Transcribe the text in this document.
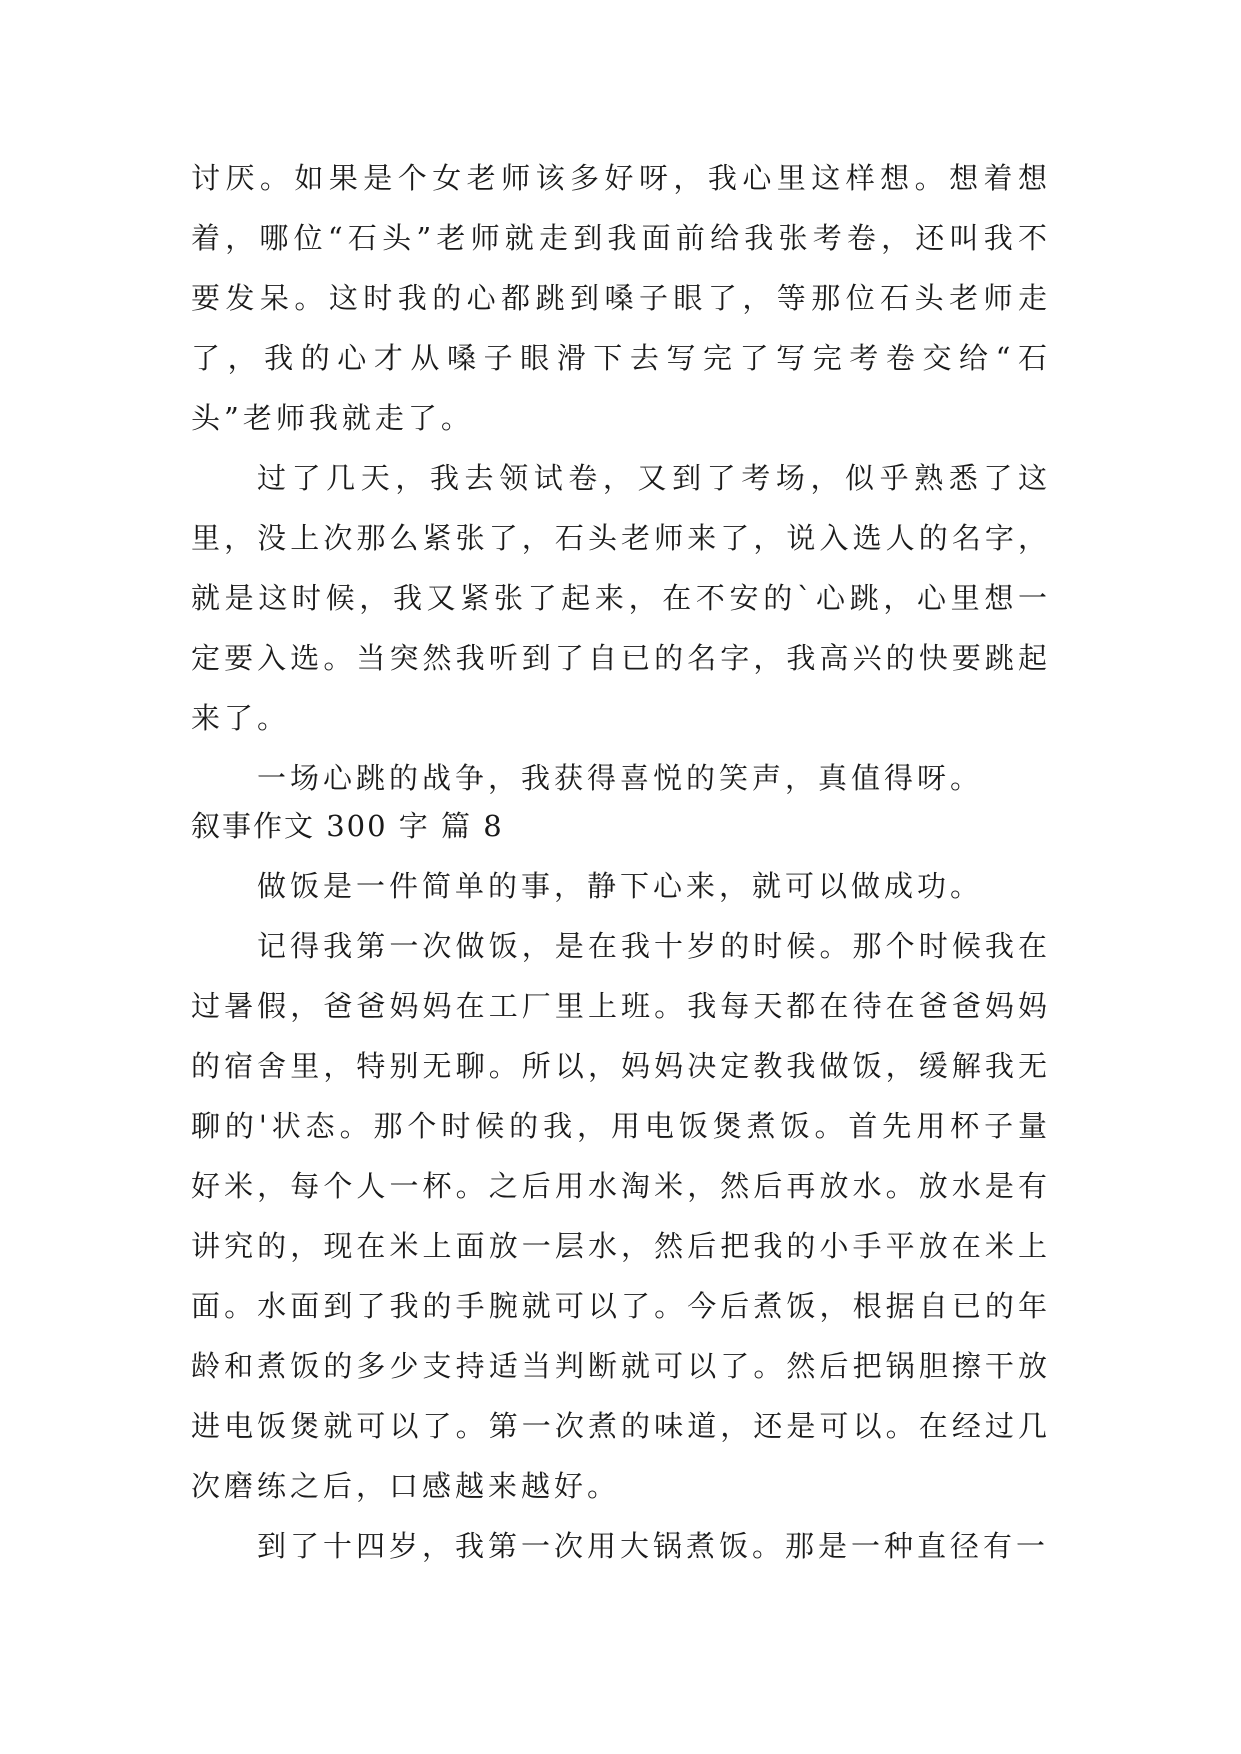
讨厌。如果是个女老师该多好呀，我心里这样想。想着想着，哪位“石头”老师就走到我面前给我张考卷，还叫我不要发呆。这时我的心都跳到嗓子眼了，等那位石头老师走了，我的心才从嗓子眼滑下去写完了写完考卷交给“石头”老师我就走了。

过了几天，我去领试卷，又到了考场，似乎熟悉了这里，没上次那么紧张了，石头老师来了，说入选人的名字，就是这时候，我又紧张了起来，在不安的`心跳，心里想一定要入选。当突然我听到了自已的名字，我高兴的快要跳起来了。

一场心跳的战争，我获得喜悦的笑声，真值得呀。

叙事作文 300 字 篇 8

做饭是一件简单的事，静下心来，就可以做成功。

记得我第一次做饭，是在我十岁的时候。那个时候我在过暑假，爸爸妈妈在工厂里上班。我每天都在待在爸爸妈妈的宿舍里，特别无聊。所以，妈妈决定教我做饭，缓解我无聊的'状态。那个时候的我，用电饭煲煮饭。首先用杯子量好米，每个人一杯。之后用水淘米，然后再放水。放水是有讲究的，现在米上面放一层水，然后把我的小手平放在米上面。水面到了我的手腕就可以了。今后煮饭，根据自已的年龄和煮饭的多少支持适当判断就可以了。然后把锅胆擦干放进电饭煲就可以了。第一次煮的味道，还是可以。在经过几次磨练之后，口感越来越好。

到了十四岁，我第一次用大锅煮饭。那是一种直径有一
